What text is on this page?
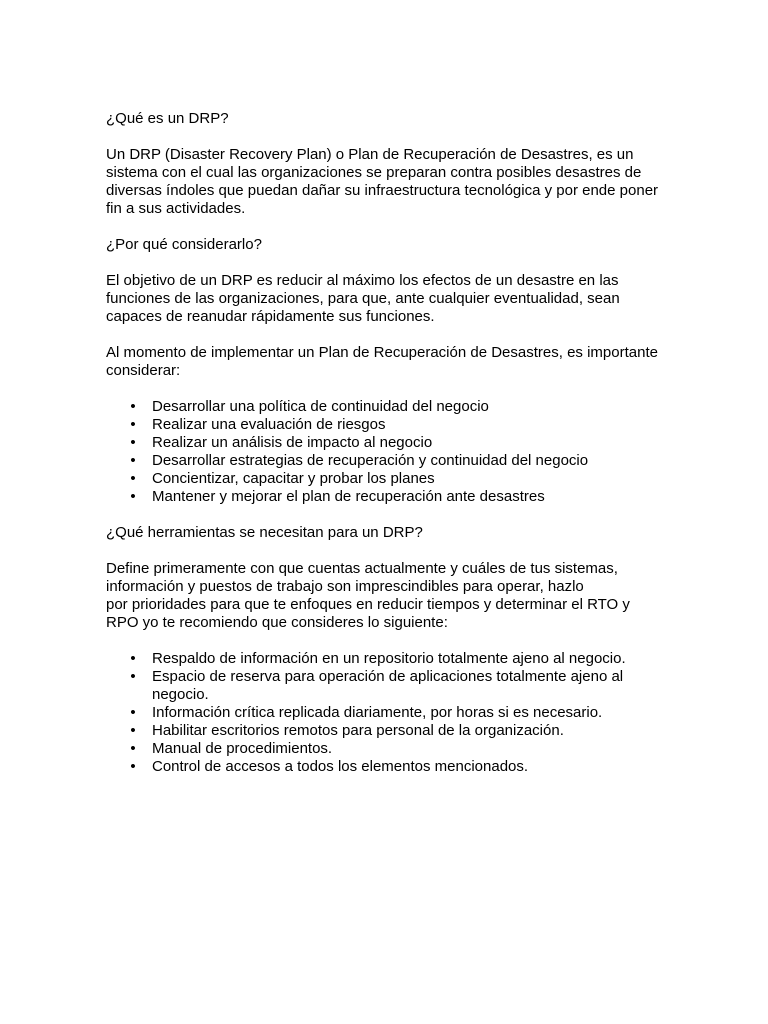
¿Qué es un DRP?

Un DRP (Disaster Recovery Plan) o Plan de Recuperación de Desastres, es un sistema con el cual las organizaciones se preparan contra posibles desastres de diversas índoles que puedan dañar su infraestructura tecnológica y por ende poner fin a sus actividades.

¿Por qué considerarlo?

El objetivo de un DRP es reducir al máximo los efectos de un desastre en las funciones de las organizaciones, para que, ante cualquier eventualidad, sean capaces de reanudar rápidamente sus funciones.

Al momento de implementar un Plan de Recuperación de Desastres, es importante considerar:

• Desarrollar una política de continuidad del negocio
• Realizar una evaluación de riesgos
• Realizar un análisis de impacto al negocio
• Desarrollar estrategias de recuperación y continuidad del negocio
• Concientizar, capacitar y probar los planes
• Mantener y mejorar el plan de recuperación ante desastres

¿Qué herramientas se necesitan para un DRP?

Define primeramente con que cuentas actualmente y cuáles de tus sistemas,
información y puestos de trabajo son imprescindibles para operar, hazlo
por prioridades para que te enfoques en reducir tiempos y determinar el RTO y
RPO yo te recomiendo que consideres lo siguiente:

• Respaldo de información en un repositorio totalmente ajeno al negocio.
• Espacio de reserva para operación de aplicaciones totalmente ajeno al negocio.
• Información crítica replicada diariamente, por horas si es necesario.
• Habilitar escritorios remotos para personal de la organización.
• Manual de procedimientos.
• Control de accesos a todos los elementos mencionados.
